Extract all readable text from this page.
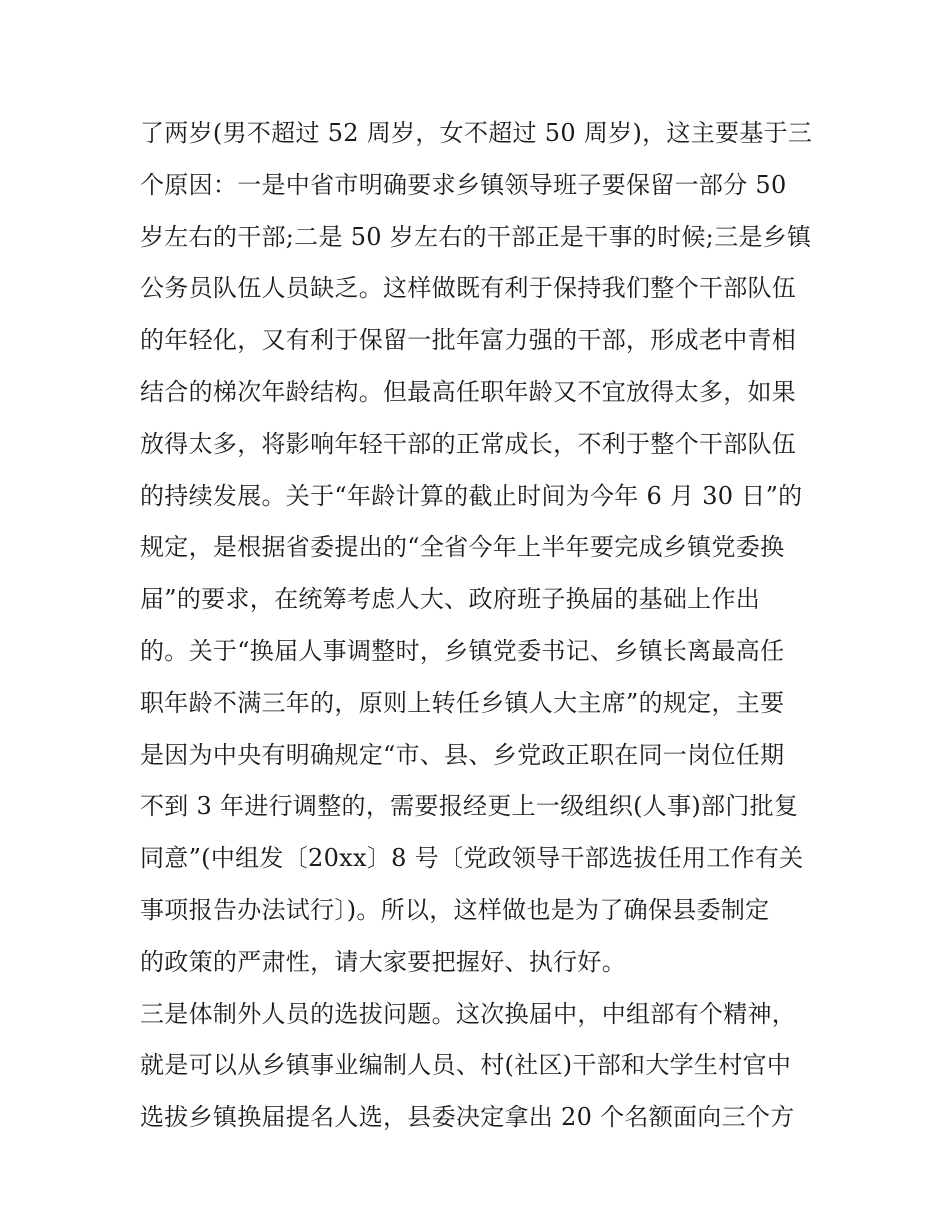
了两岁(男不超过 52 周岁，女不超过 50 周岁)，这主要基于三
个原因：一是中省市明确要求乡镇领导班子要保留一部分 50
岁左右的干部;二是 50 岁左右的干部正是干事的时候;三是乡镇
公务员队伍人员缺乏。这样做既有利于保持我们整个干部队伍
的年轻化，又有利于保留一批年富力强的干部，形成老中青相
结合的梯次年龄结构。但最高任职年龄又不宜放得太多，如果
放得太多，将影响年轻干部的正常成长，不利于整个干部队伍
的持续发展。关于“年龄计算的截止时间为今年 6 月 30 日”的
规定，是根据省委提出的“全省今年上半年要完成乡镇党委换
届”的要求，在统筹考虑人大、政府班子换届的基础上作出
的。关于“换届人事调整时，乡镇党委书记、乡镇长离最高任
职年龄不满三年的，原则上转任乡镇人大主席”的规定，主要
是因为中央有明确规定“市、县、乡党政正职在同一岗位任期
不到 3 年进行调整的，需要报经更上一级组织(人事)部门批复
同意”(中组发〔20xx〕8 号〔党政领导干部选拔任用工作有关
事项报告办法试行〕)。所以，这样做也是为了确保县委制定
的政策的严肃性，请大家要把握好、执行好。
三是体制外人员的选拔问题。这次换届中，中组部有个精神，
就是可以从乡镇事业编制人员、村(社区)干部和大学生村官中
选拔乡镇换届提名人选，县委决定拿出 20 个名额面向三个方
